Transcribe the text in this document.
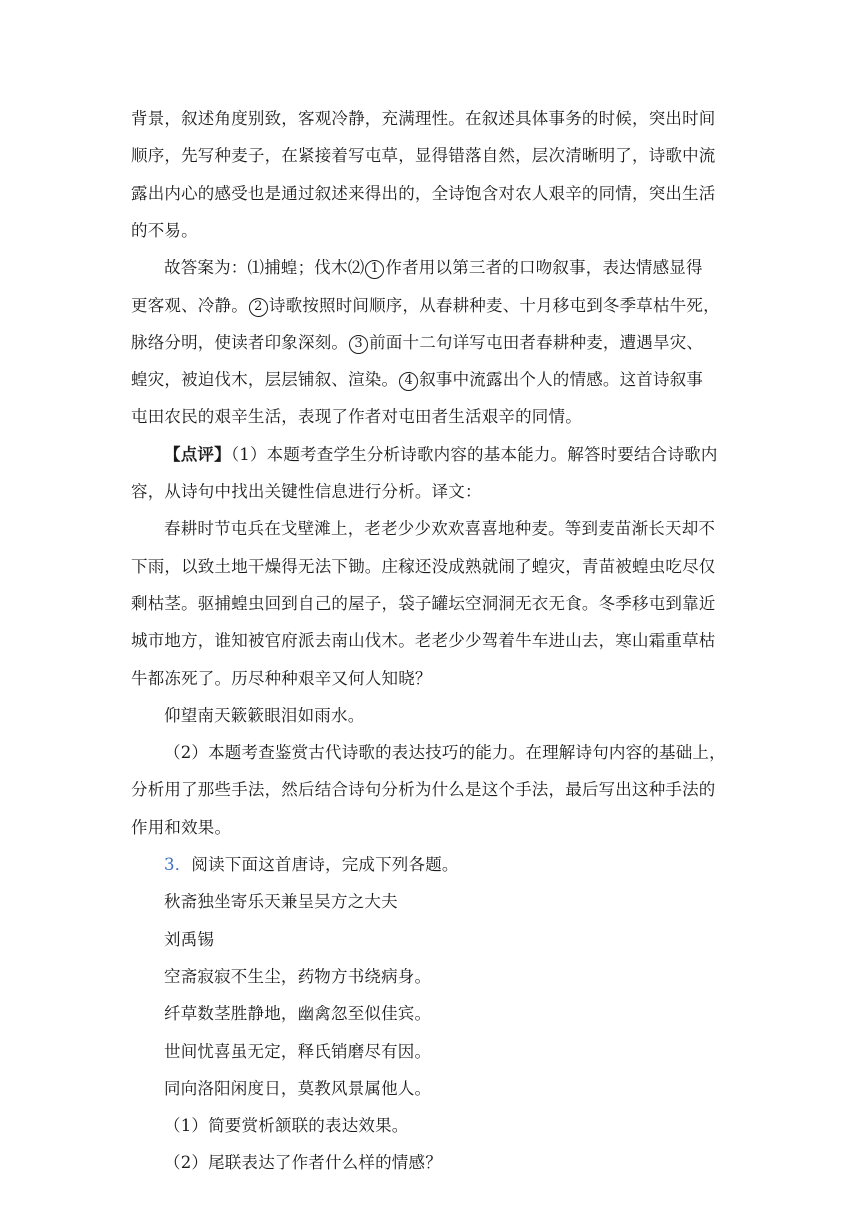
背景，叙述角度别致，客观冷静，充满理性。在叙述具体事务的时候，突出时间
顺序，先写种麦子，在紧接着写屯草，显得错落自然，层次清晰明了，诗歌中流
露出内心的感受也是通过叙述来得出的，全诗饱含对农人艰辛的同情，突出生活
的不易。
故答案为：⑴捕蝗；伐木⑵ 1 作者用以第三者的口吻叙事，表达情感显得
更客观、冷静。 2 诗歌按照时间顺序，从春耕种麦、十月移屯到冬季草枯牛死，
脉络分明，使读者印象深刻。 3 前面十二句详写屯田者春耕种麦，遭遇旱灾、
蝗灾，被迫伐木，层层铺叙、渲染。 4 叙事中流露出个人的情感。这首诗叙事
屯田农民的艰辛生活，表现了作者对屯田者生活艰辛的同情。
【点评】（1）本题考查学生分析诗歌内容的基本能力。解答时要结合诗歌内
容，从诗句中找出关键性信息进行分析。译文：
春耕时节屯兵在戈壁滩上，老老少少欢欢喜喜地种麦。等到麦苗渐长天却不
下雨，以致土地干燥得无法下锄。庄稼还没成熟就闹了蝗灾，青苗被蝗虫吃尽仅
剩枯茎。驱捕蝗虫回到自己的屋子，袋子罐坛空洞洞无衣无食。冬季移屯到靠近
城市地方，谁知被官府派去南山伐木。老老少少驾着牛车进山去，寒山霜重草枯
牛都冻死了。历尽种种艰辛又何人知晓？
仰望南天簌簌眼泪如雨水。
（2）本题考查鉴赏古代诗歌的表达技巧的能力。在理解诗句内容的基础上，
分析用了那些手法，然后结合诗句分析为什么是这个手法，最后写出这种手法的
作用和效果。
3．阅读下面这首唐诗，完成下列各题。
秋斋独坐寄乐天兼呈吴方之大夫
刘禹锡
空斋寂寂不生尘，药物方书绕病身。
纤草数茎胜静地，幽禽忽至似佳宾。
世间忧喜虽无定，释氏销磨尽有因。
同向洛阳闲度日，莫教风景属他人。
（1）简要赏析颔联的表达效果。
（2）尾联表达了作者什么样的情感？
